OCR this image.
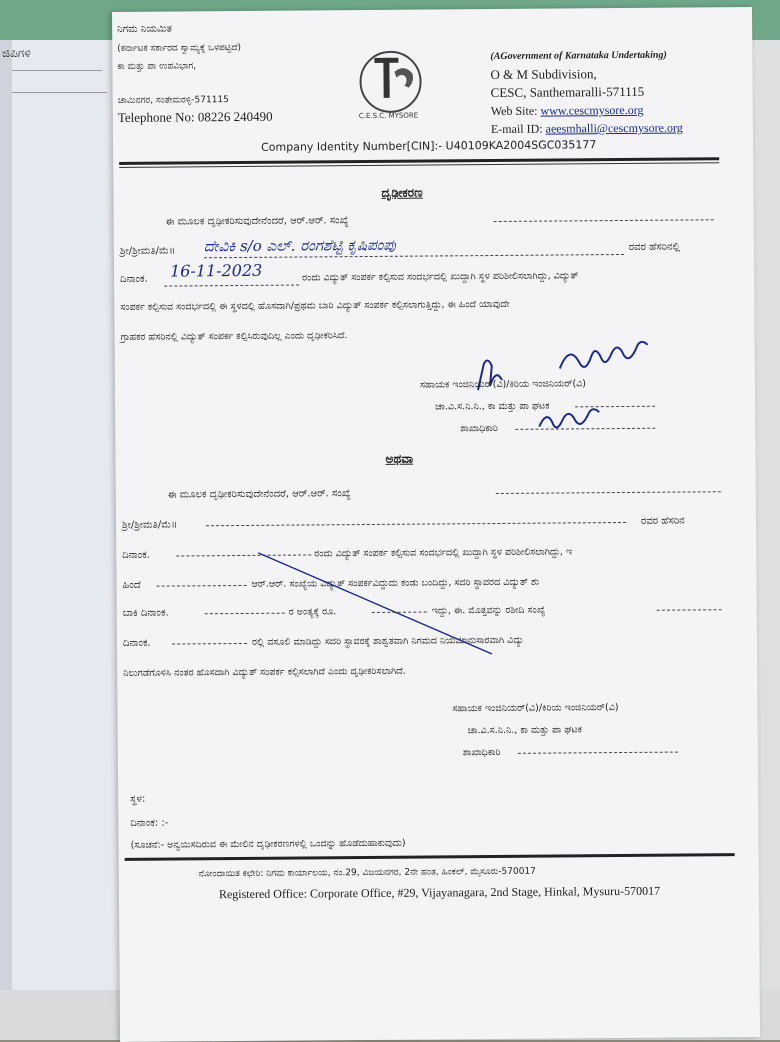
ಜಿಪಿಗಳಿ
ನಿಗಮ ನಿಯಮಿತ
(ಕರ್ನಾಟಕ ಸರ್ಕಾರದ ಸ್ವಾಮ್ಯಕ್ಕೆ ಒಳಪಟ್ಟಿದೆ)
ಕಾ ಮತ್ತು ಪಾ ಉಪವಿಭಾಗ,
ಚಾಮಿನಗರ, ಸಂತೇಮರಳ್ಳಿ-571115
Telephone No: 08226 240490	C.E.S.C. MYSORE
(AGovernment of Karnataka Undertaking)
O & M Subdivision,
CESC, Santhemaralli-571115
Web Site: www.cescmysore.org
E-mail ID: aeesmhalli@cescmysore.org
Company Identity Number[CIN]:- U40109KA2004SGC035177
ದೃಢೀಕರಣ
ಈ ಮೂಲಕ ದೃಢೀಕರಿಸುವುದೇನೆಂದರೆ, ಆರ್.ಆರ್. ಸಂಖ್ಯೆ
ಶ್ರೀ/ಶ್ರೀಮತಿ/ಮೆ॥ ದೇವಿಕಿ s/o ಎಲ್. ರಂಗಶೆಟ್ಟಿ ಕೃಷಿಪಂಪು	ರವರ ಹೆಸರಿನಲ್ಲಿ
ದಿನಾಂಕ. 16-11-2023	ರಂದು ವಿದ್ಯುತ್ ಸಂಪರ್ಕ ಕಲ್ಪಿಸುವ ಸಂದರ್ಭದಲ್ಲಿ ಖುದ್ದಾಗಿ ಸ್ಥಳ ಪರಿಶೀಲಿಸಲಾಗಿದ್ದು, ವಿದ್ಯುತ್
ಸಂಪರ್ಕ ಕಲ್ಪಿಸುವ ಸಂದರ್ಭದಲ್ಲಿ ಈ ಸ್ಥಳದಲ್ಲಿ ಹೊಸದಾಗಿ/ಪ್ರಥಮ ಬಾರಿ ವಿದ್ಯುತ್ ಸಂಪರ್ಕ ಕಲ್ಪಿಸಲಾಗುತ್ತಿದ್ದು, ಈ ಹಿಂದೆ ಯಾವುದೇ
ಗ್ರಾಹಕರ ಹೆಸರಿನಲ್ಲಿ ವಿದ್ಯುತ್ ಸಂಪರ್ಕ ಕಲ್ಪಿಸಿರುವುದಿಲ್ಲ ಎಂದು ದೃಢೀಕರಿಸಿದೆ.
ಸಹಾಯಕ ಇಂಜಿನಿಯರ್(ವಿ)/ಕಿರಿಯ ಇಂಜಿನಿಯರ್(ವಿ)
ಚಾ.ವಿ.ಸ.ನಿ.ನಿ., ಕಾ ಮತ್ತು ಪಾ ಘಟಕ
ಶಾಖಾಧಿಕಾರಿ
ಅಥವಾ
ಈ ಮೂಲಕ ದೃಢೀಕರಿಸುವುದೇನೆಂದರೆ, ಆರ್.ಆರ್. ಸಂಖ್ಯೆ
ಶ್ರೀ/ಶ್ರೀಮತಿ/ಮೆ॥	ರವರ ಹೆಸರಿನ
ದಿನಾಂಕ.	ರಂದು ವಿದ್ಯುತ್ ಸಂಪರ್ಕ ಕಲ್ಪಿಸುವ ಸಂದರ್ಭದಲ್ಲಿ ಖುದ್ದಾಗಿ ಸ್ಥಳ ಪರಿಶೀಲಿಸಲಾಗಿದ್ದು, ಇ
ಹಿಂದೆ	ಆರ್.ಆರ್. ಸಂಖ್ಯೆಯ ವಿದ್ಯುತ್ ಸಂಪರ್ಕವಿದ್ದುದು ಕಂಡು ಬಂದಿದ್ದು, ಸದರಿ ಸ್ಥಾವರದ ವಿದ್ಯುತ್ ಶು
ಬಾಕಿ ದಿನಾಂಕ.	ರ ಅಂತ್ಯಕ್ಕೆ ರೂ.	ಇದ್ದು, ಈ. ಮೊತ್ತವನ್ನು ರಶೀದಿ ಸಂಖ್ಯೆ
ದಿನಾಂಕ.	ರಲ್ಲಿ ವಸೂಲಿ ಮಾಡಿದ್ದು ಸದರಿ ಸ್ಥಾವರಕ್ಕೆ ಶಾಶ್ವತವಾಗಿ ನಿಗಮದ ನಿಯಮಾನುಸಾರವಾಗಿ ವಿದ್ಯು
ನಿಲುಗಡೆಗೊಳಿಸಿ ನಂತರ ಹೊಸದಾಗಿ ವಿದ್ಯುತ್ ಸಂಪರ್ಕ ಕಲ್ಪಿಸಲಾಗಿದೆ ಎಂದು ದೃಢೀಕರಿಸಲಾಗಿದೆ.
ಸಹಾಯಕ ಇಂಜಿನಿಯರ್(ವಿ)/ಕಿರಿಯ ಇಂಜಿನಿಯರ್(ವಿ)
ಚಾ.ವಿ.ಸ.ನಿ.ನಿ., ಕಾ ಮತ್ತು ಪಾ ಘಟಕ
ಶಾಖಾಧಿಕಾರಿ
ಸ್ಥಳ:
ದಿನಾಂಕ: :-
(ಸೂಚನೆ:- ಅನ್ವಯಿಸದಿರುವ ಈ ಮೇಲಿನ ದೃಢೀಕರಣಗಳಲ್ಲಿ ಒಂದನ್ನು ಹೊಡೆದುಹಾಕುವುದು)
ನೋಂದಾಯಿತ ಕಛೇರಿ: ನಿಗಮ ಕಾರ್ಯಾಲಯ, ನಂ.29, ವಿಜಯನಗರ, 2ನೇ ಹಂತ, ಹಿಂಕಲ್, ಮೈಸೂರು-570017
Registered Office: Corporate Office, #29, Vijayanagara, 2nd Stage, Hinkal, Mysuru-570017
